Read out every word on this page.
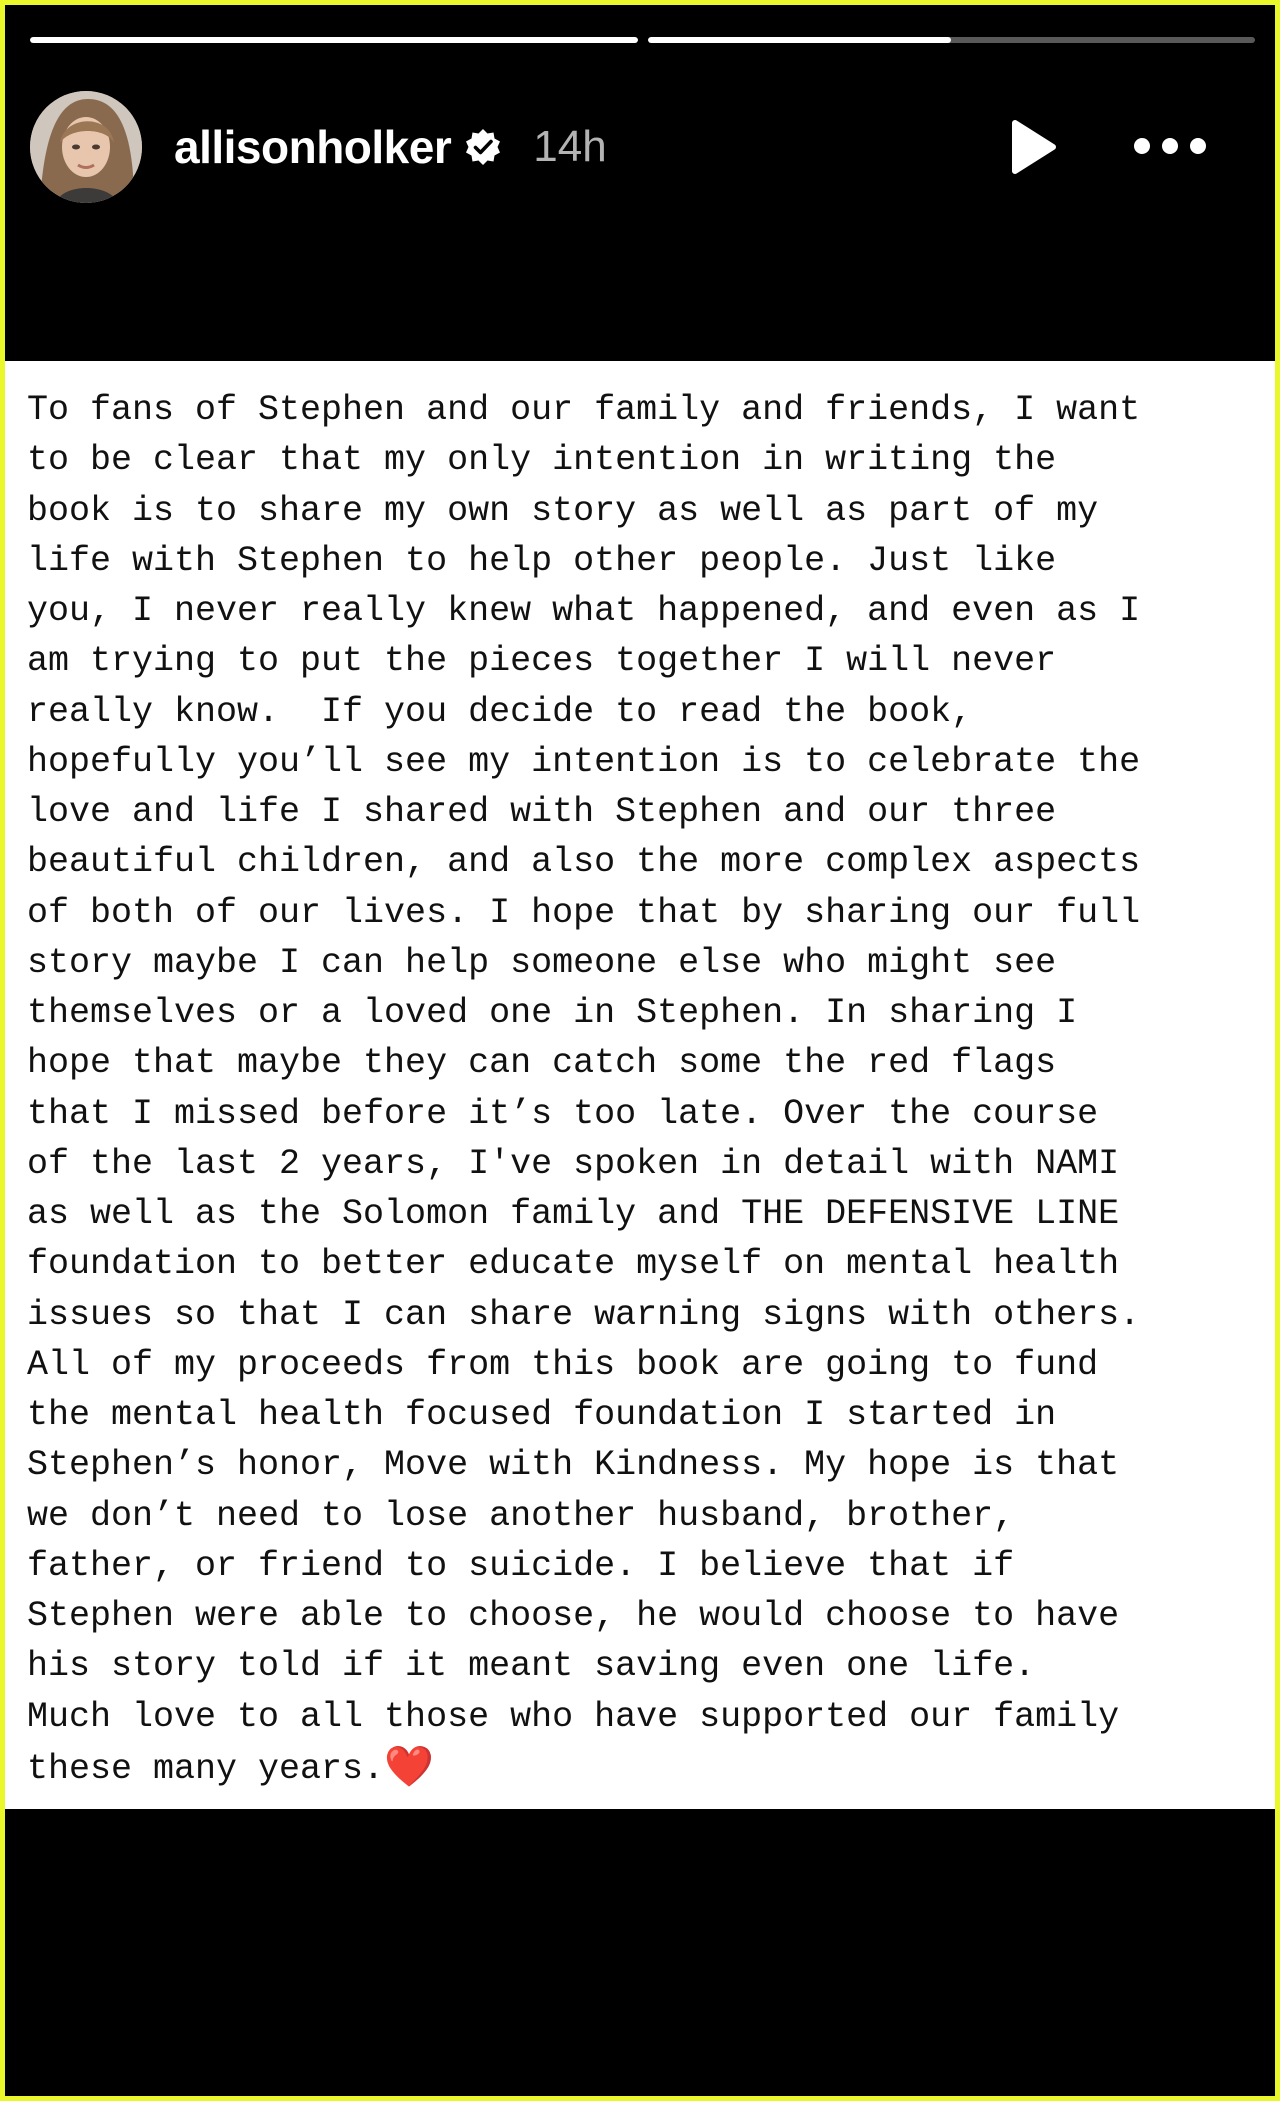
allisonholker 14h
To fans of Stephen and our family and friends, I want
to be clear that my only intention in writing the
book is to share my own story as well as part of my
life with Stephen to help other people. Just like
you, I never really knew what happened, and even as I
am trying to put the pieces together I will never
really know.  If you decide to read the book,
hopefully you’ll see my intention is to celebrate the
love and life I shared with Stephen and our three
beautiful children, and also the more complex aspects
of both of our lives. I hope that by sharing our full
story maybe I can help someone else who might see
themselves or a loved one in Stephen. In sharing I
hope that maybe they can catch some the red flags
that I missed before it’s too late. Over the course
of the last 2 years, I've spoken in detail with NAMI
as well as the Solomon family and THE DEFENSIVE LINE
foundation to better educate myself on mental health
issues so that I can share warning signs with others.
All of my proceeds from this book are going to fund
the mental health focused foundation I started in
Stephen’s honor, Move with Kindness. My hope is that
we don’t need to lose another husband, brother,
father, or friend to suicide. I believe that if
Stephen were able to choose, he would choose to have
his story told if it meant saving even one life.
Much love to all those who have supported our family
these many years.❤️
